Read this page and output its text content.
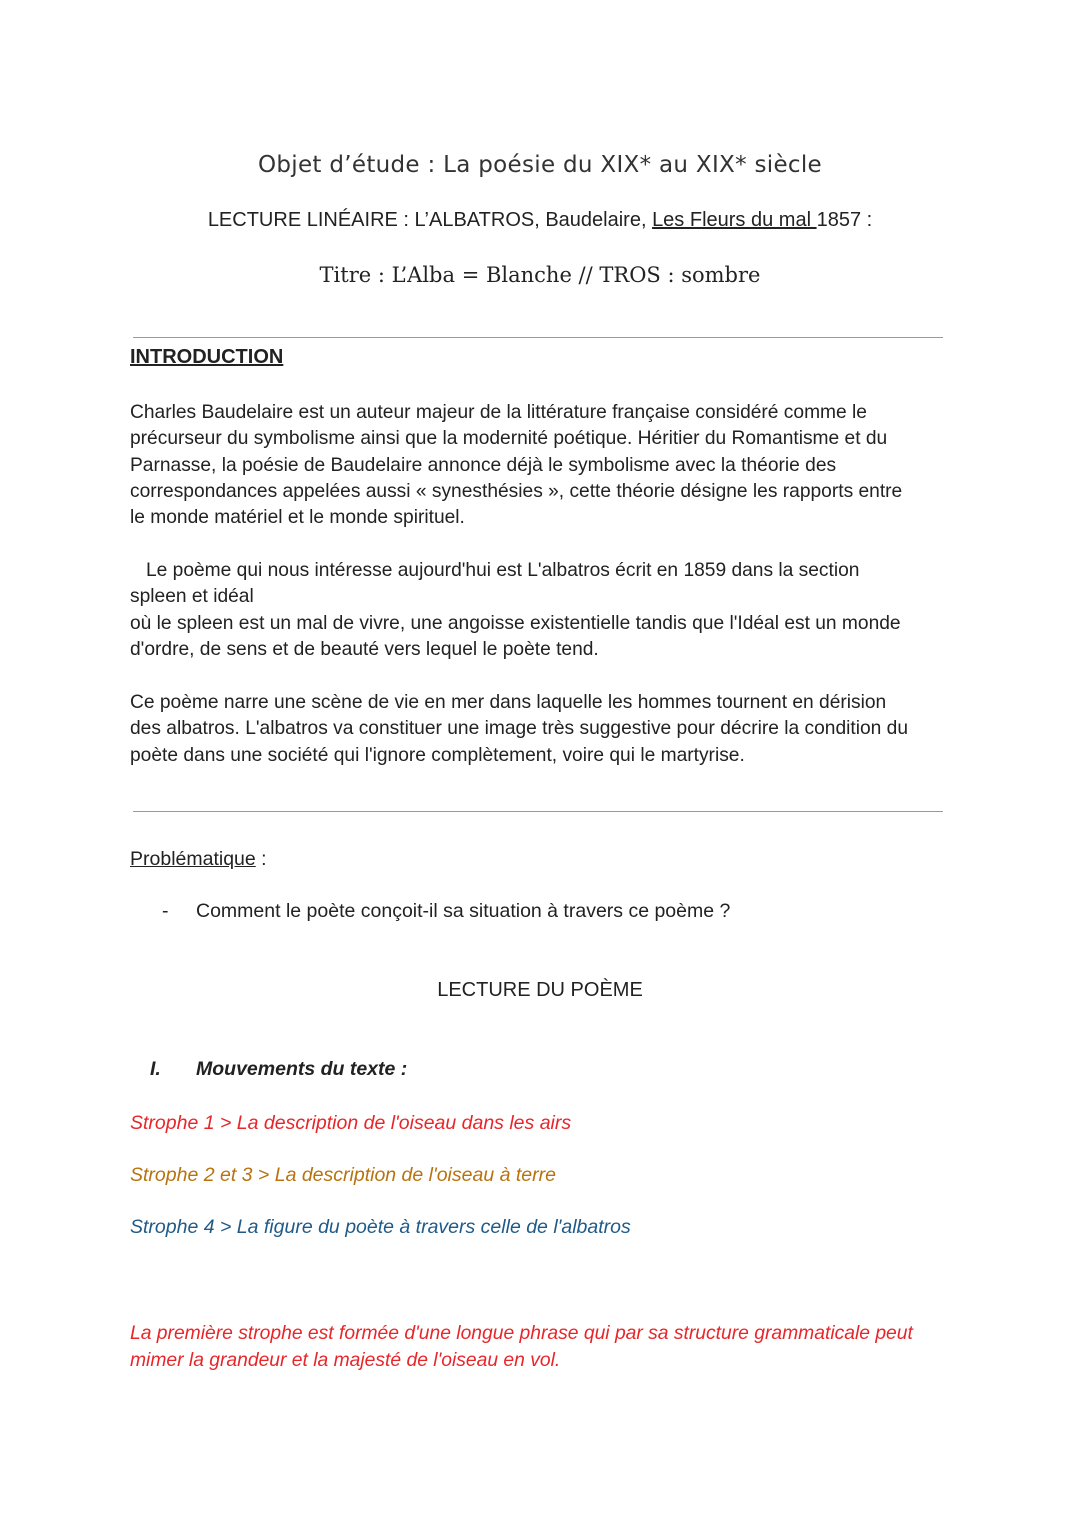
Objet d’étude : La poésie du XIX* au XIX* siècle
LECTURE LINÉAIRE : L’ALBATROS, Baudelaire, Les Fleurs du mal 1857 :
Titre : L’Alba = Blanche // TROS : sombre
INTRODUCTION
Charles Baudelaire est un auteur majeur de la littérature française considéré comme le
précurseur du symbolisme ainsi que la modernité poétique. Héritier du Romantisme et du
Parnasse, la poésie de Baudelaire annonce déjà le symbolisme avec la théorie des
correspondances appelées aussi « synesthésies », cette théorie désigne les rapports entre
le monde matériel et le monde spirituel.
Le poème qui nous intéresse aujourd'hui est L'albatros écrit en 1859 dans la section
spleen et idéal
où le spleen est un mal de vivre, une angoisse existentielle tandis que l'Idéal est un monde
d'ordre, de sens et de beauté vers lequel le poète tend.
Ce poème narre une scène de vie en mer dans laquelle les hommes tournent en dérision
des albatros. L'albatros va constituer une image très suggestive pour décrire la condition du
poète dans une société qui l'ignore complètement, voire qui le martyrise.
Problématique :
- Comment le poète conçoit-il sa situation à travers ce poème ?
LECTURE DU POÈME
I. Mouvements du texte :
Strophe 1 > La description de l'oiseau dans les airs
Strophe 2 et 3 > La description de l'oiseau à terre
Strophe 4 > La figure du poète à travers celle de l'albatros
La première strophe est formée d'une longue phrase qui par sa structure grammaticale peut
mimer la grandeur et la majesté de l'oiseau en vol.
